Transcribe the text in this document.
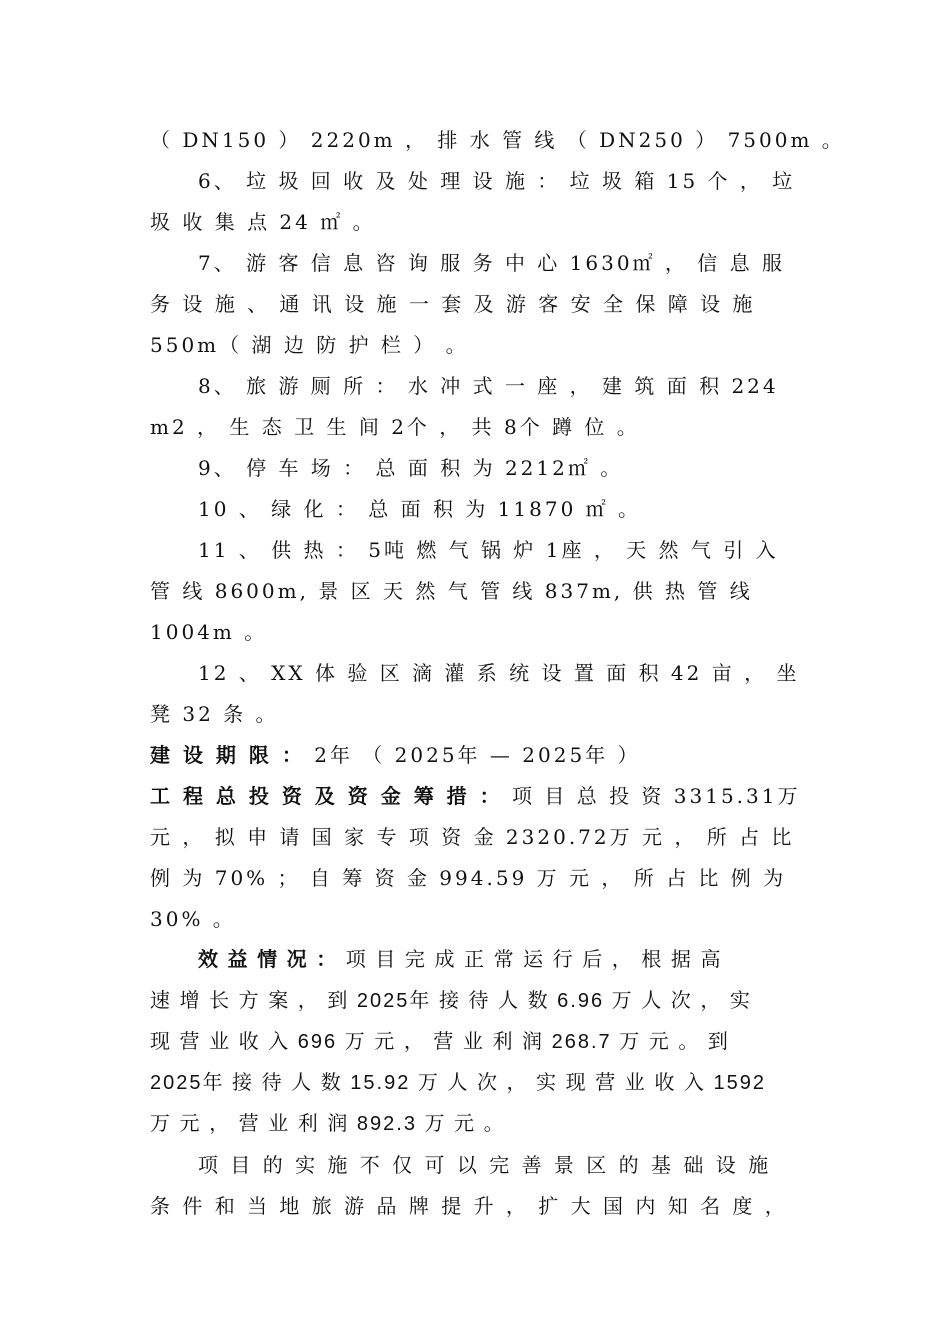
（ DN150 ） 2220m ， 排 水 管 线 （ DN250 ） 7500m 。
6、 垃 圾 回 收 及 处 理 设 施 ： 垃 圾 箱 15 个 ， 垃
圾 收 集 点 24 ㎡ 。
7、 游 客 信 息 咨 询 服 务 中 心 1630㎡ ， 信 息 服
务 设 施 、 通 讯 设 施 一 套 及 游 客 安 全 保 障 设 施
550m（ 湖 边 防 护 栏 ） 。
8、 旅 游 厕 所 ： 水 冲 式 一 座 ， 建 筑 面 积 224
m2 ， 生 态 卫 生 间 2个 ， 共 8个 蹲 位 。
9、 停 车 场 ： 总 面 积 为 2212㎡ 。
10 、 绿 化 ： 总 面 积 为 11870 ㎡ 。
11 、 供 热 ： 5吨 燃 气 锅 炉 1座 ， 天 然 气 引 入
管 线 8600m, 景 区 天 然 气 管 线 837m, 供 热 管 线
1004m 。
12 、 XX 体 验 区 滴 灌 系 统 设 置 面 积 42 亩 ， 坐
凳 32 条 。
建 设 期 限 ： 2年 （ 2025年 — 2025年 ）
工 程 总 投 资 及 资 金 筹 措 ： 项 目 总 投 资 3315.31万
元 ， 拟 申 请 国 家 专 项 资 金 2320.72万 元 ， 所 占 比
例 为 70% ； 自 筹 资 金 994.59 万 元 ， 所 占 比 例 为
30% 。
效 益 情 况 ： 项 目 完 成 正 常 运 行 后 ， 根 据 高
速 增 长 方 案 ， 到 2025年 接 待 人 数 6.96 万 人 次 ， 实
现 营 业 收 入 696 万 元 ， 营 业 利 润 268.7 万 元 。 到
2025年 接 待 人 数 15.92 万 人 次 ， 实 现 营 业 收 入 1592
万 元 ， 营 业 利 润 892.3 万 元 。
项 目 的 实 施 不 仅 可 以 完 善 景 区 的 基 础 设 施
条 件 和 当 地 旅 游 品 牌 提 升 ， 扩 大 国 内 知 名 度 ，
